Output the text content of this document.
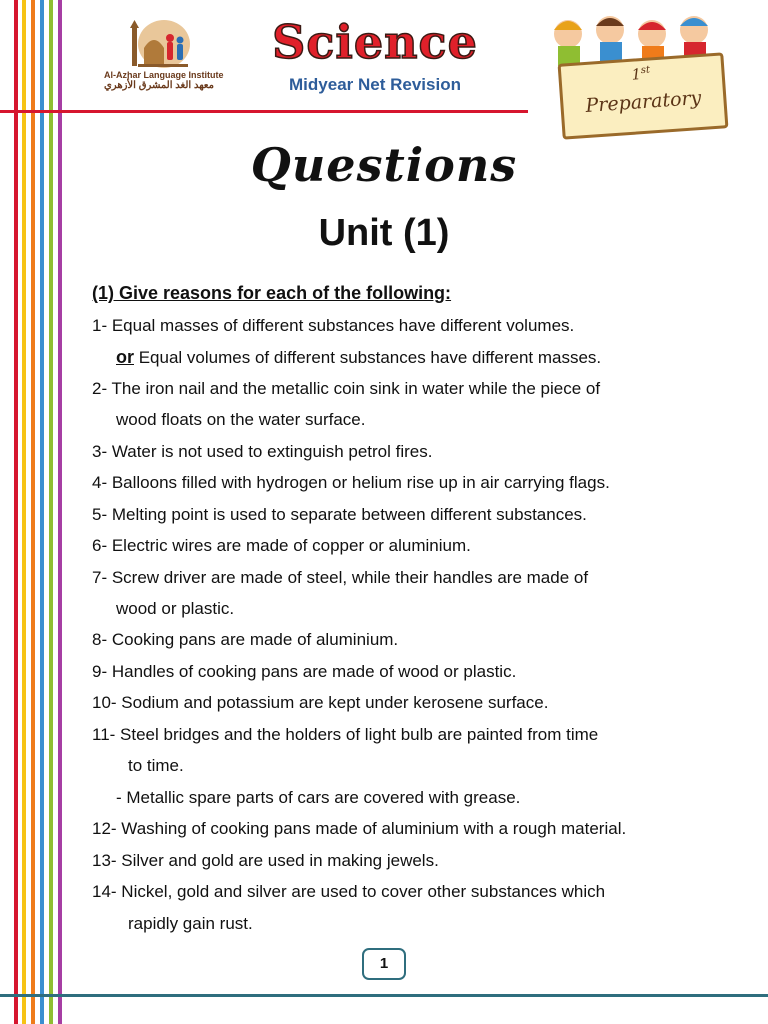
Al-Azhar Language Institute
معهد الغد المشرق الأزهري
Science
Midyear Net Revision
1st
Preparatory
Questions
Unit (1)
(1) Give reasons for each of the following:
1- Equal masses of different substances have different volumes.
or Equal volumes of different substances have different masses.
2- The iron nail and the metallic coin sink in water while the piece of
wood floats on the water surface.
3- Water is not used to extinguish petrol fires.
4- Balloons filled with hydrogen or helium rise up in air carrying flags.
5- Melting point is used to separate between different substances.
6- Electric wires are made of copper or aluminium.
7- Screw driver are made of steel, while their handles are made of
wood or plastic.
8- Cooking pans are made of aluminium.
9- Handles of cooking pans are made of wood or plastic.
10- Sodium and potassium are kept under kerosene surface.
11- Steel bridges and the holders of light bulb are painted from time
to time.
- Metallic spare parts of cars are covered with grease.
12- Washing of cooking pans made of aluminium with a rough material.
13- Silver and gold are used in making jewels.
14- Nickel, gold and silver are used to cover other substances which
rapidly gain rust.
1
